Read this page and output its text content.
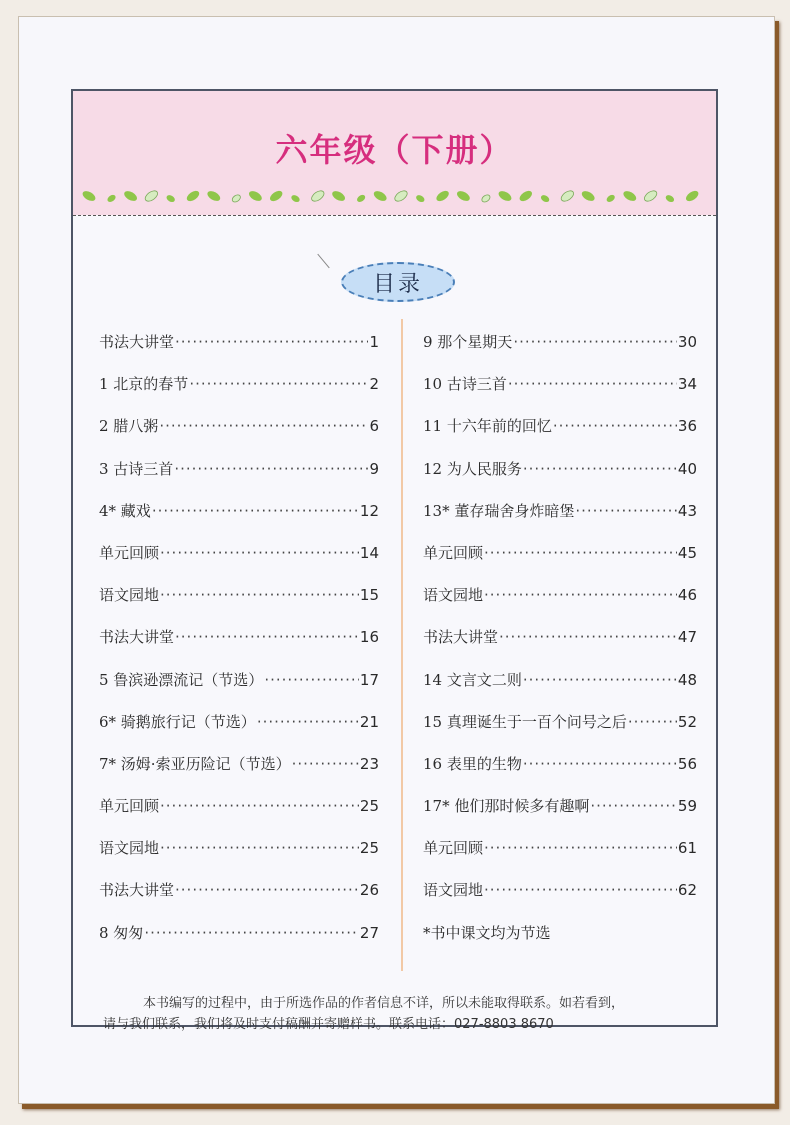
六年级（下册）
目录
书法大讲堂 ·····	1
1 北京的春节 ·····	2
2 腊八粥 ·····	6
3 古诗三首 ·····	9
4* 藏戏 ·····	12
单元回顾 ·····	14
语文园地 ·····	15
书法大讲堂 ·····	16
5 鲁滨逊漂流记（节选） ·····	17
6* 骑鹅旅行记（节选） ·····	21
7* 汤姆·索亚历险记（节选） ·····	23
单元回顾 ·····	25
语文园地 ·····	25
书法大讲堂 ·····	26
8 匆匆 ·····	27
9 那个星期天 ·····	30
10 古诗三首 ·····	34
11 十六年前的回忆 ·····	36
12 为人民服务 ·····	40
13* 董存瑞舍身炸暗堡 ·····	43
单元回顾 ·····	45
语文园地 ·····	46
书法大讲堂 ·····	47
14 文言文二则 ·····	48
15 真理诞生于一百个问号之后 ·····	52
16 表里的生物 ·····	56
17* 他们那时候多有趣啊 ·····	59
单元回顾 ·····	61
语文园地 ·····	62
*书中课文均为节选
本书编写的过程中，由于所选作品的作者信息不详，所以未能取得联系。如若看到，
请与我们联系，我们将及时支付稿酬并寄赠样书。联系电话：027-8803 8670
